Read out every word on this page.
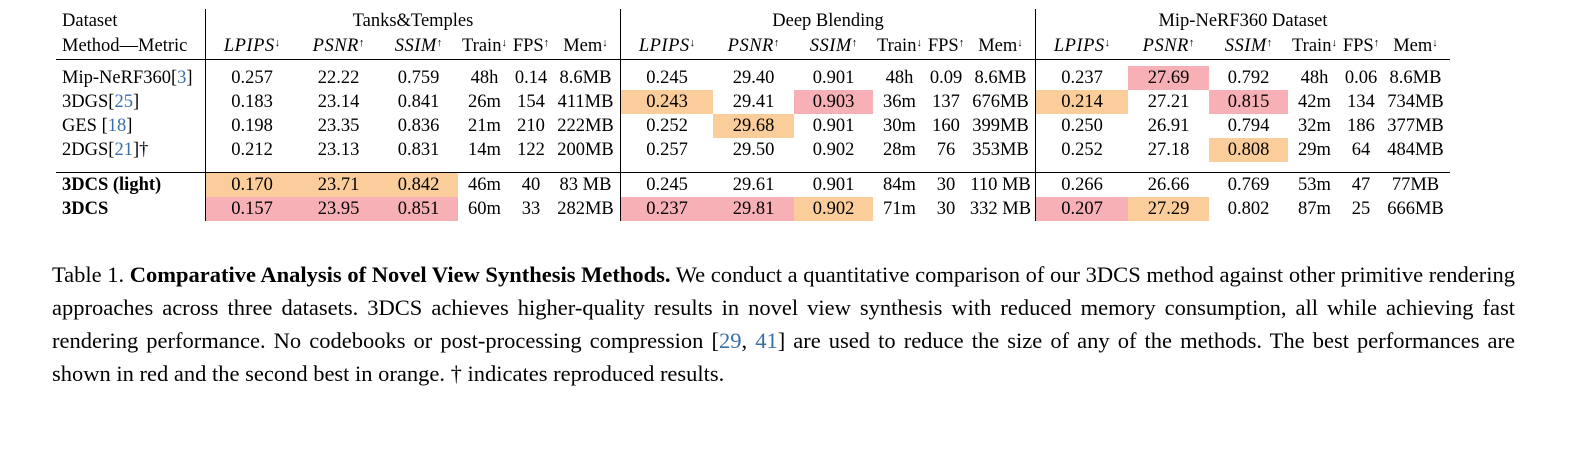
Dataset	Tanks&Temples						Deep Blending						Mip-NeRF360 Dataset					
Method—Metric	LPIPS↓	PSNR↑	SSIM↑	Train↓	FPS↑	Mem↓	LPIPS↓	PSNR↑	SSIM↑	Train↓	FPS↑	Mem↓	LPIPS↓	PSNR↑	SSIM↑	Train↓	FPS↑	Mem↓

Mip-NeRF360[3]	0.257	22.22	0.759	48h	0.14	8.6MB	0.245	29.40	0.901	48h	0.09	8.6MB	0.237	27.69	0.792	48h	0.06	8.6MB
3DGS[25]	0.183	23.14	0.841	26m	154	411MB	0.243	29.41	0.903	36m	137	676MB	0.214	27.21	0.815	42m	134	734MB
GES [18]	0.198	23.35	0.836	21m	210	222MB	0.252	29.68	0.901	30m	160	399MB	0.250	26.91	0.794	32m	186	377MB
2DGS[21]†	0.212	23.13	0.831	14m	122	200MB	0.257	29.50	0.902	28m	76	353MB	0.252	27.18	0.808	29m	64	484MB

3DCS (light)	0.170	23.71	0.842	46m	40	83 MB	0.245	29.61	0.901	84m	30	110 MB	0.266	26.66	0.769	53m	47	77MB
3DCS	0.157	23.95	0.851	60m	33	282MB	0.237	29.81	0.902	71m	30	332 MB	0.207	27.29	0.802	87m	25	666MB
Table 1. Comparative Analysis of Novel View Synthesis Methods. We conduct a quantitative comparison of our 3DCS method against other primitive rendering approaches across three datasets. 3DCS achieves higher-quality results in novel view synthesis with reduced memory consumption, all while achieving fast rendering performance. No codebooks or post-processing compression [29, 41] are used to reduce the size of any of the methods. The best performances are shown in red and the second best in orange. † indicates reproduced results.
